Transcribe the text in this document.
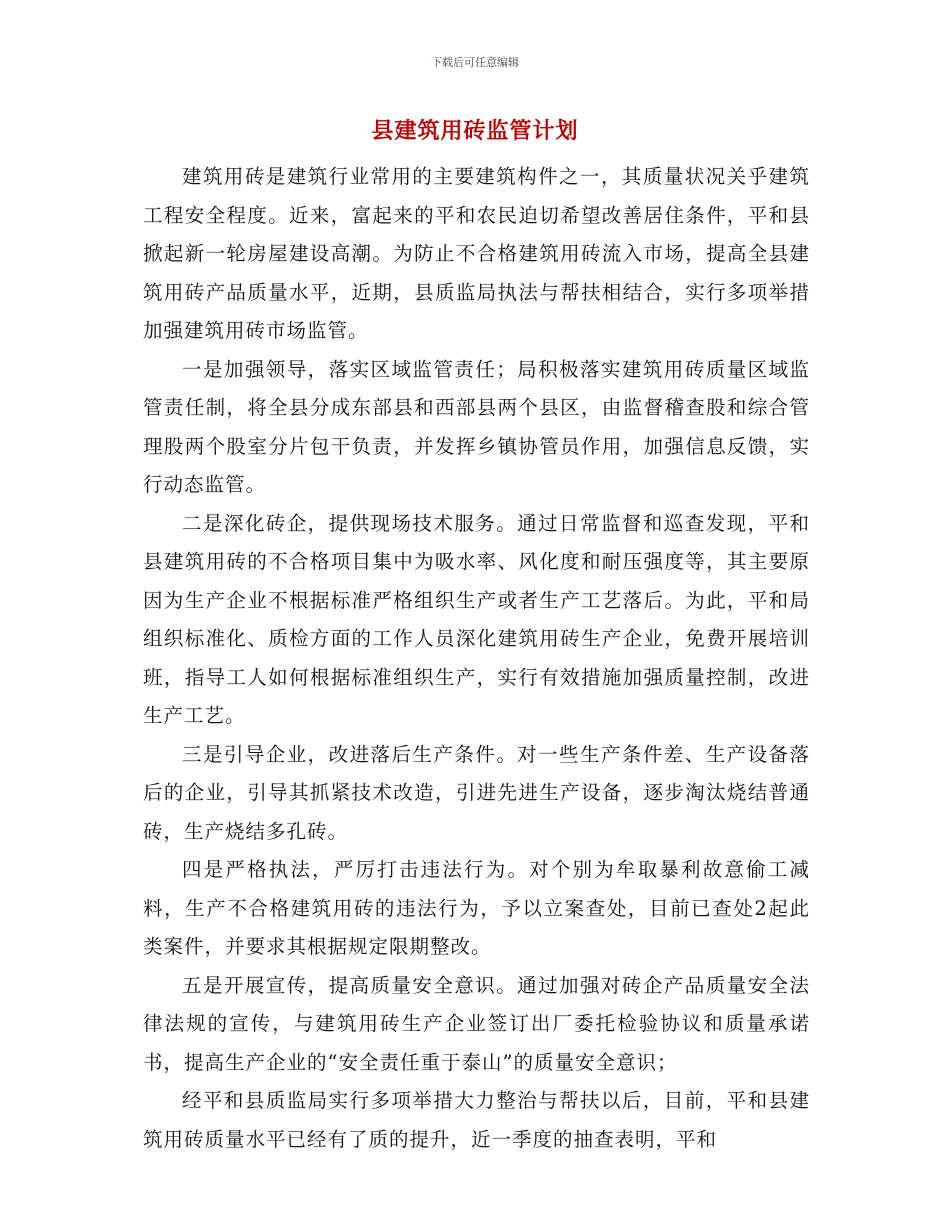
下载后可任意编辑
县建筑用砖监管计划

建筑用砖是建筑行业常用的主要建筑构件之一，其质量状况关乎建筑工程安全程度。近来，富起来的平和农民迫切希望改善居住条件，平和县掀起新一轮房屋建设高潮。为防止不合格建筑用砖流入市场，提高全县建筑用砖产品质量水平，近期，县质监局执法与帮扶相结合，实行多项举措加强建筑用砖市场监管。

一是加强领导，落实区域监管责任；局积极落实建筑用砖质量区域监管责任制，将全县分成东部县和西部县两个县区，由监督稽查股和综合管理股两个股室分片包干负责，并发挥乡镇协管员作用，加强信息反馈，实行动态监管。

二是深化砖企，提供现场技术服务。通过日常监督和巡查发现，平和县建筑用砖的不合格项目集中为吸水率、风化度和耐压强度等，其主要原因为生产企业不根据标准严格组织生产或者生产工艺落后。为此，平和局组织标准化、质检方面的工作人员深化建筑用砖生产企业，免费开展培训班，指导工人如何根据标准组织生产，实行有效措施加强质量控制，改进生产工艺。

三是引导企业，改进落后生产条件。对一些生产条件差、生产设备落后的企业，引导其抓紧技术改造，引进先进生产设备，逐步淘汰烧结普通砖，生产烧结多孔砖。

四是严格执法，严厉打击违法行为。对个别为牟取暴利故意偷工减料，生产不合格建筑用砖的违法行为，予以立案查处，目前已查处2起此类案件，并要求其根据规定限期整改。

五是开展宣传，提高质量安全意识。通过加强对砖企产品质量安全法律法规的宣传，与建筑用砖生产企业签订出厂委托检验协议和质量承诺书，提高生产企业的“安全责任重于泰山”的质量安全意识；

经平和县质监局实行多项举措大力整治与帮扶以后，目前，平和县建筑用砖质量水平已经有了质的提升，近一季度的抽查表明，平和
